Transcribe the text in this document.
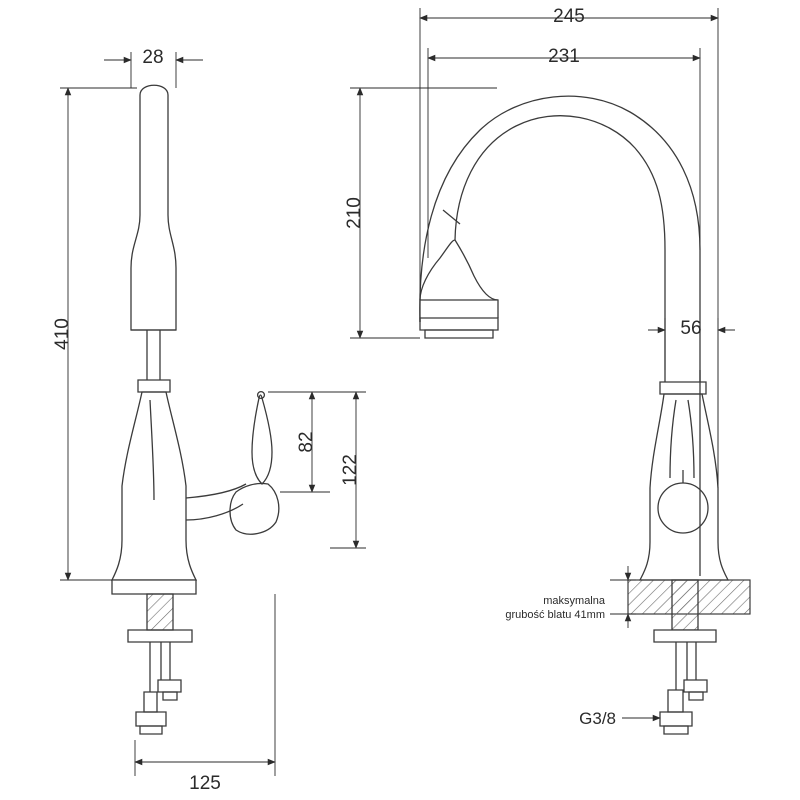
28
410
82
122
125
245
231
210
56
maksymalna
grubość blatu 41mm
G3/8
